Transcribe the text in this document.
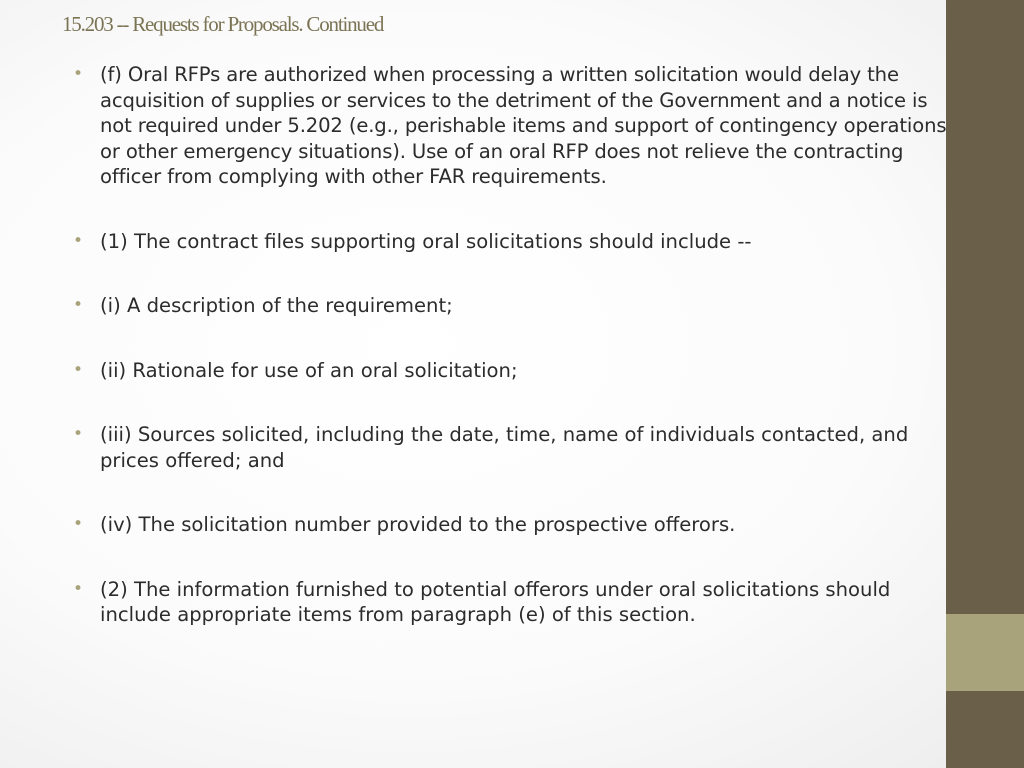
15.203 -- Requests for Proposals. Continued
• (f) Oral RFPs are authorized when processing a written solicitation would delay the acquisition of supplies or services to the detriment of the Government and a notice is not required under 5.202 (e.g., perishable items and support of contingency operations or other emergency situations). Use of an oral RFP does not relieve the contracting officer from complying with other FAR requirements.
• (1) The contract files supporting oral solicitations should include --
• (i) A description of the requirement;
• (ii) Rationale for use of an oral solicitation;
• (iii) Sources solicited, including the date, time, name of individuals contacted, and prices offered; and
• (iv) The solicitation number provided to the prospective offerors.
• (2) The information furnished to potential offerors under oral solicitations should include appropriate items from paragraph (e) of this section.
